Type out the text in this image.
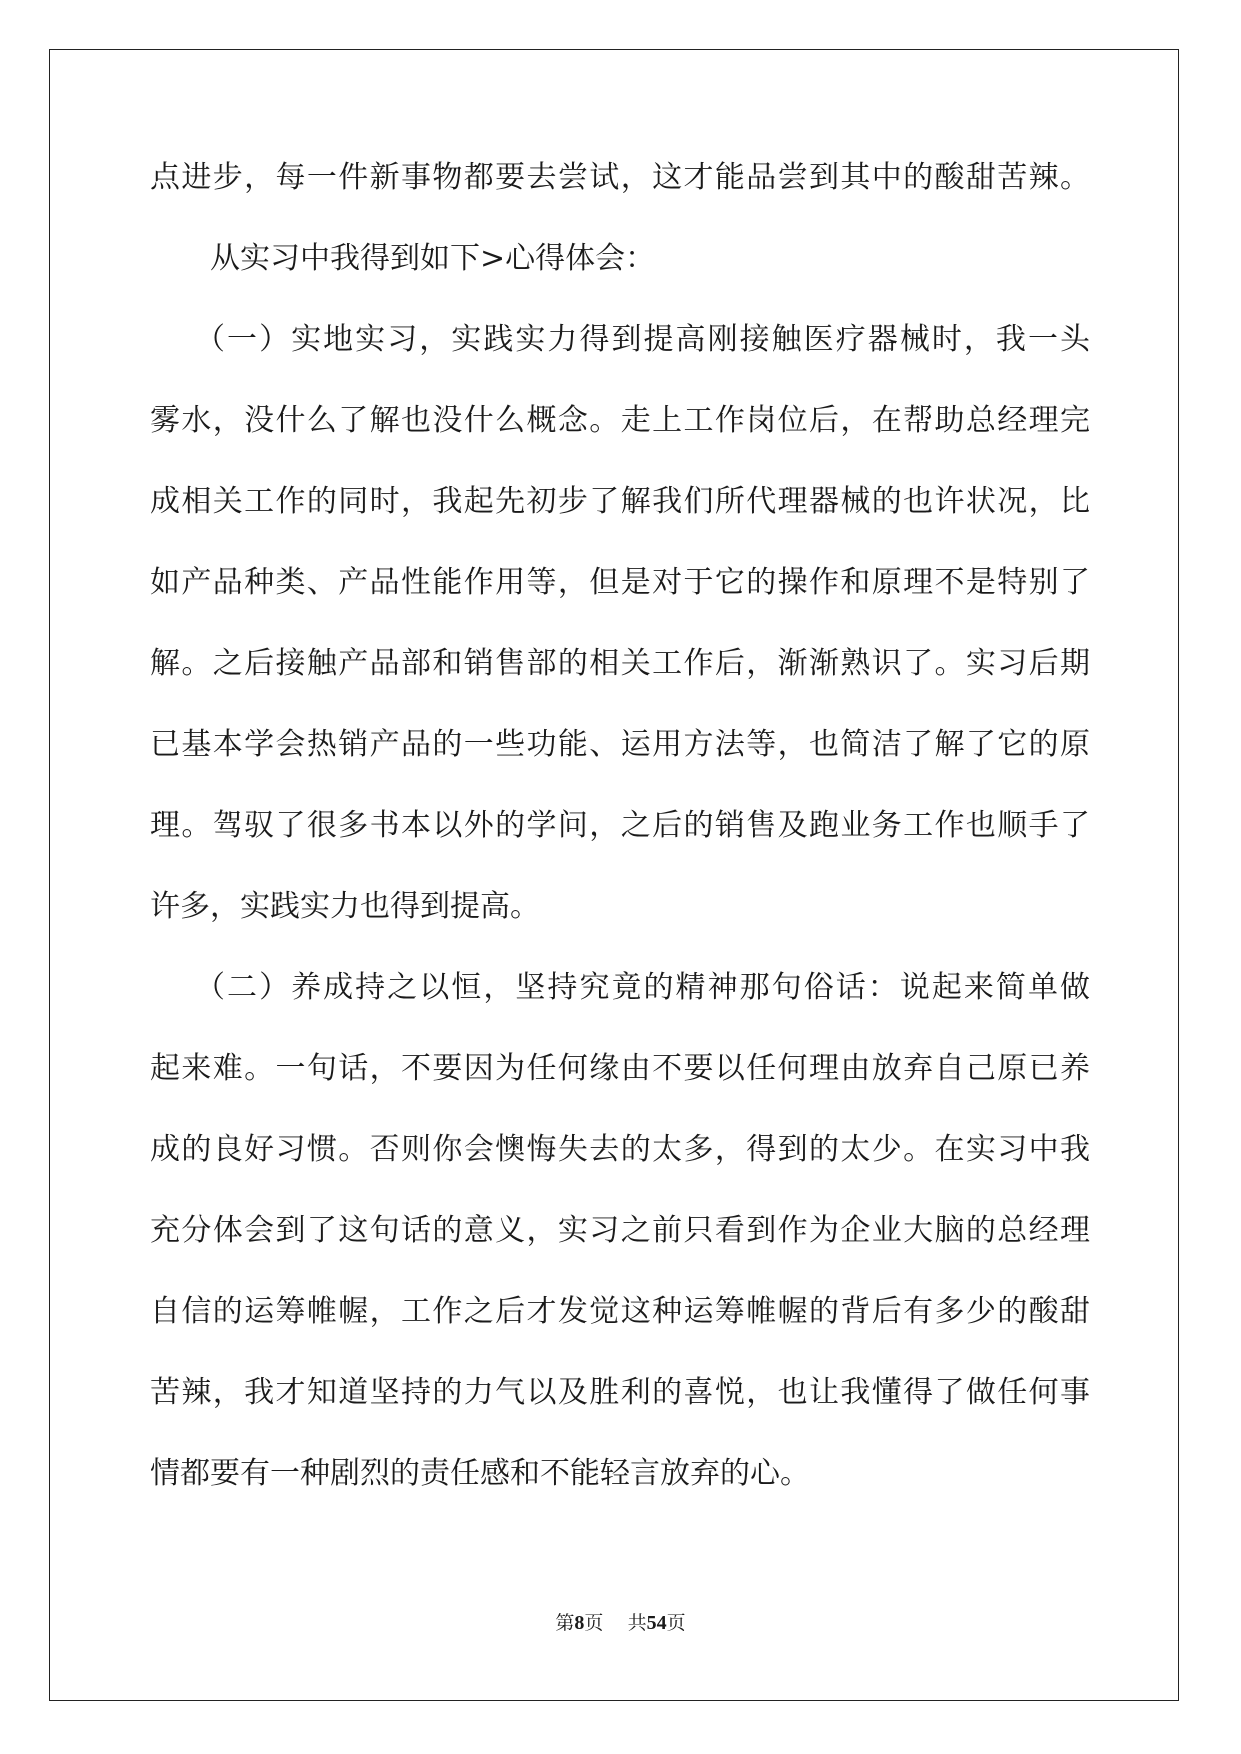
点进步，每一件新事物都要去尝试，这才能品尝到其中的酸甜苦辣。
从实习中我得到如下>心得体会：
（一）实地实习，实践实力得到提高刚接触医疗器械时，我一头
雾水，没什么了解也没什么概念。走上工作岗位后，在帮助总经理完
成相关工作的同时，我起先初步了解我们所代理器械的也许状况，比
如产品种类、产品性能作用等，但是对于它的操作和原理不是特别了
解。之后接触产品部和销售部的相关工作后，渐渐熟识了。实习后期
已基本学会热销产品的一些功能、运用方法等，也简洁了解了它的原
理。驾驭了很多书本以外的学问，之后的销售及跑业务工作也顺手了
许多，实践实力也得到提高。
（二）养成持之以恒，坚持究竟的精神那句俗话：说起来简单做
起来难。一句话，不要因为任何缘由不要以任何理由放弃自己原已养
成的良好习惯。否则你会懊悔失去的太多，得到的太少。在实习中我
充分体会到了这句话的意义，实习之前只看到作为企业大脑的总经理
自信的运筹帷幄，工作之后才发觉这种运筹帷幄的背后有多少的酸甜
苦辣，我才知道坚持的力气以及胜利的喜悦，也让我懂得了做任何事
情都要有一种剧烈的责任感和不能轻言放弃的心。
第8页 共54页
